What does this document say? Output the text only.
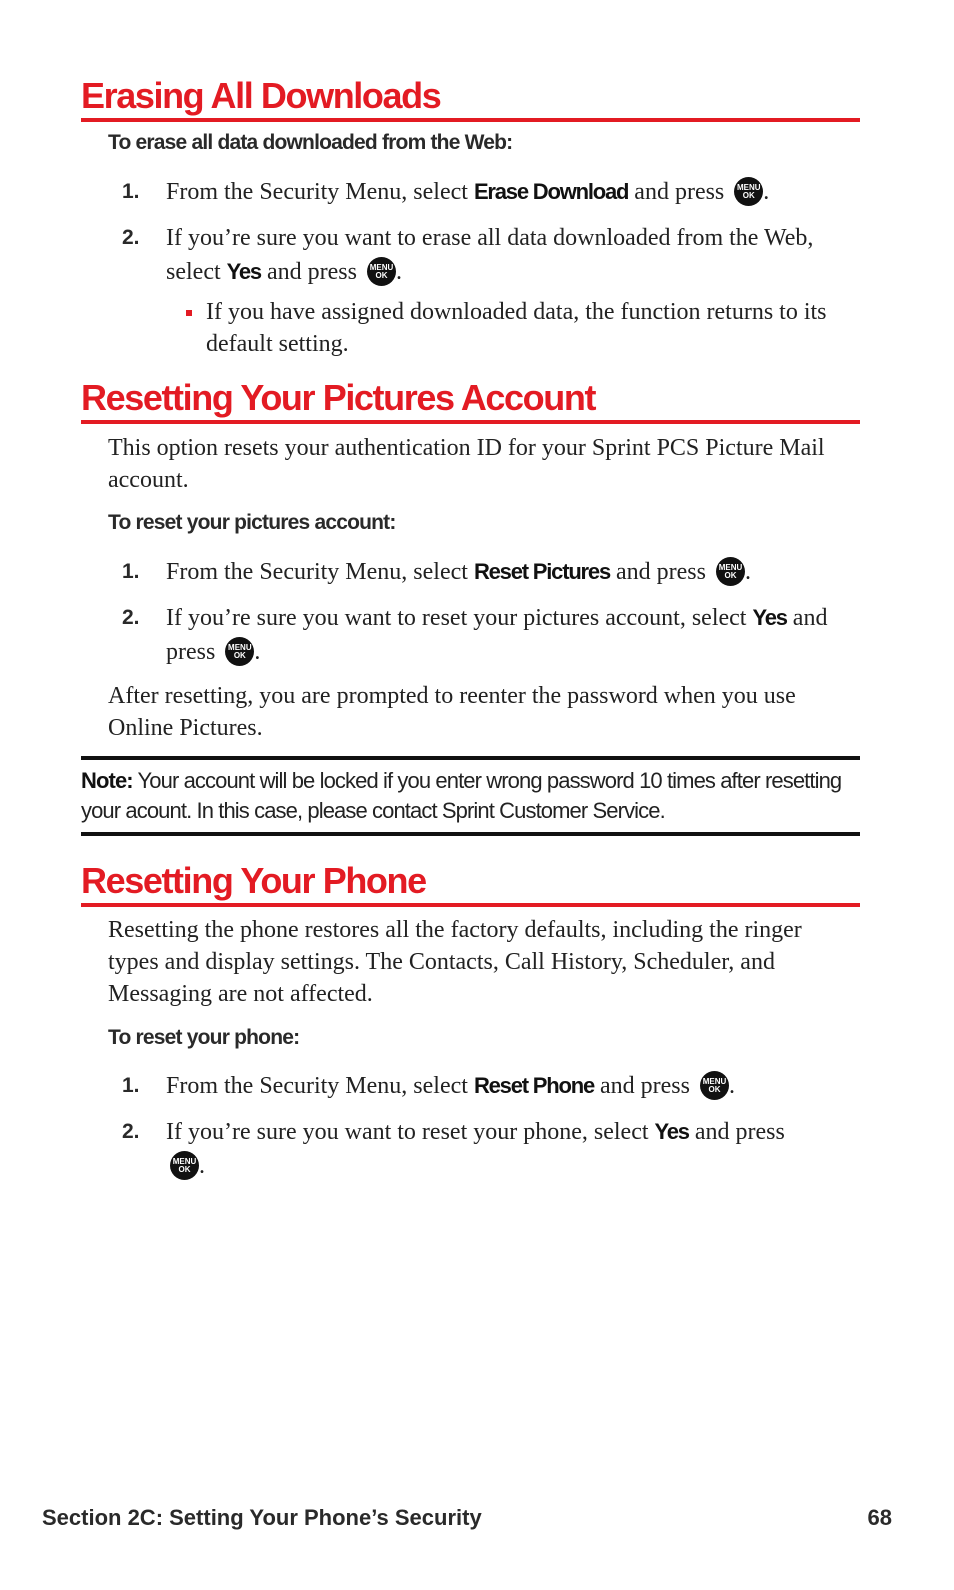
Erasing All Downloads

To erase all data downloaded from the Web:

1. From the Security Menu, select Erase Download and press MENU
OK .
2. If you’re sure you want to erase all data downloaded from the Web, select Yes and press MENU
OK .
If you have assigned downloaded data, the function returns to its default setting.
Resetting Your Pictures Account

This option resets your authentication ID for your Sprint PCS Picture Mail account.

To reset your pictures account:

1. From the Security Menu, select Reset Pictures and press MENU
OK .
2. If you’re sure you want to reset your pictures account, select Yes and press MENU
OK .

After resetting, you are prompted to reenter the password when you use Online Pictures.

Note: Your account will be locked if you enter wrong password 10 times after resetting your acount. In this case, please contact Sprint Customer Service.

Resetting Your Phone

Resetting the phone restores all the factory defaults, including the ringer types and display settings. The Contacts, Call History, Scheduler, and Messaging are not affected.

To reset your phone:

1. From the Security Menu, select Reset Phone and press MENU
OK .
2. If you’re sure you want to reset your phone, select Yes and press
MENU
OK .
Section 2C: Setting Your Phone’s Security	68
